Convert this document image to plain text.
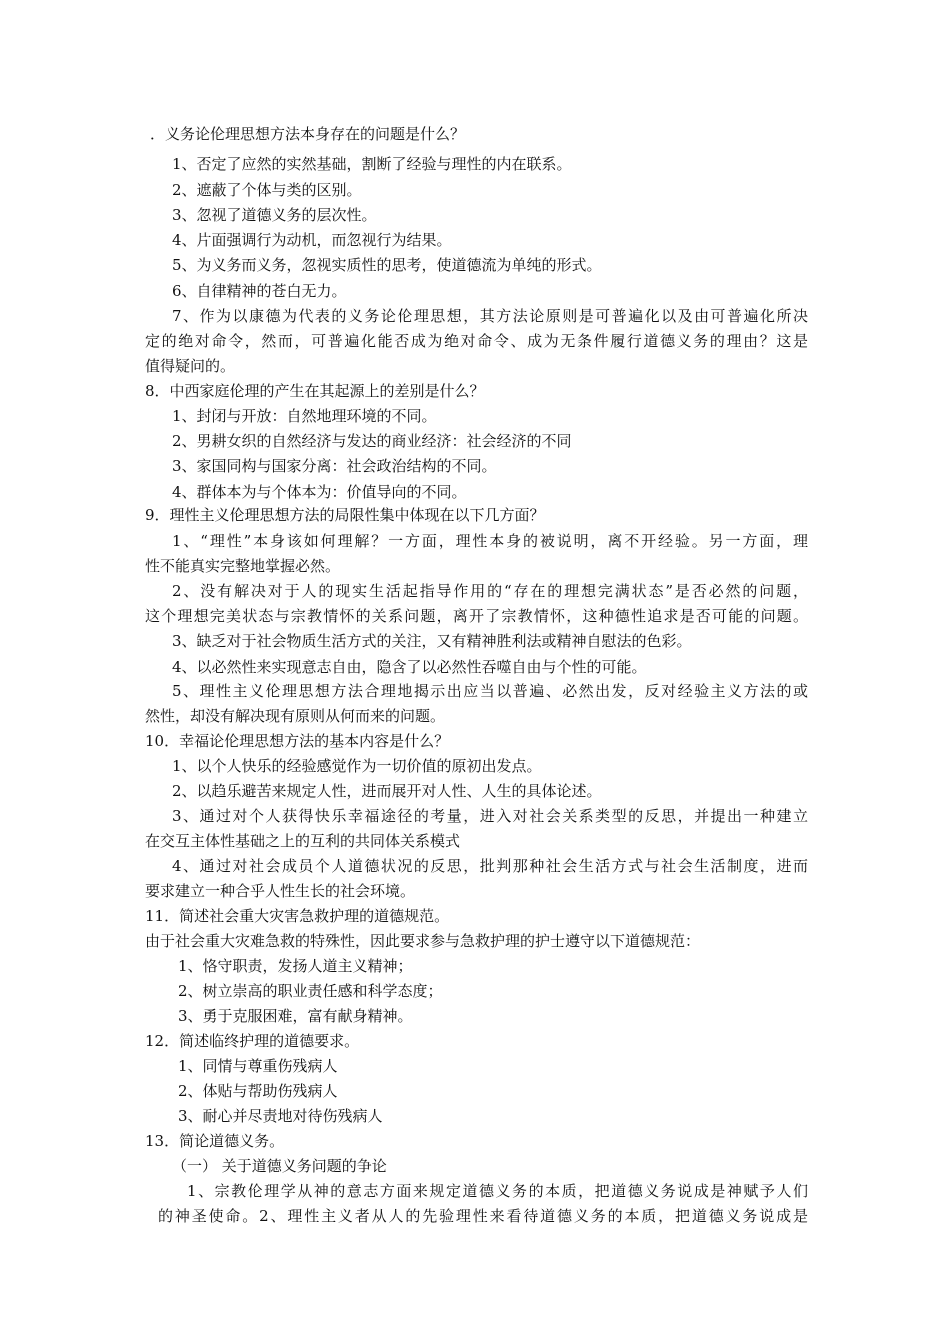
．义务论伦理思想方法本身存在的问题是什么？

1、否定了应然的实然基础，割断了经验与理性的内在联系。

2、遮蔽了个体与类的区别。

3、忽视了道德义务的层次性。

4、片面强调行为动机，而忽视行为结果。

5、为义务而义务，忽视实质性的思考，使道德流为单纯的形式。

6、自律精神的苍白无力。

7、作为以康德为代表的义务论伦理思想，其方法论原则是可普遍化以及由可普遍化所决

定的绝对命令，然而，可普遍化能否成为绝对命令、成为无条件履行道德义务的理由？这是

值得疑问的。

8．中西家庭伦理的产生在其起源上的差别是什么？

1、封闭与开放：自然地理环境的不同。

2、男耕女织的自然经济与发达的商业经济：社会经济的不同

3、家国同构与国家分离：社会政治结构的不同。

4、群体本为与个体本为：价值导向的不同。

9．理性主义伦理思想方法的局限性集中体现在以下几方面？

1、“理性”本身该如何理解？一方面，理性本身的被说明，离不开经验。另一方面，理

性不能真实完整地掌握必然。

2、没有解决对于人的现实生活起指导作用的“存在的理想完满状态”是否必然的问题，

这个理想完美状态与宗教情怀的关系问题，离开了宗教情怀，这种德性追求是否可能的问题。

3、缺乏对于社会物质生活方式的关注，又有精神胜利法或精神自慰法的色彩。

4、以必然性来实现意志自由，隐含了以必然性吞噬自由与个性的可能。

5、理性主义伦理思想方法合理地揭示出应当以普遍、必然出发，反对经验主义方法的或

然性，却没有解决现有原则从何而来的问题。

10．幸福论伦理思想方法的基本内容是什么？

1、以个人快乐的经验感觉作为一切价值的原初出发点。

2、以趋乐避苦来规定人性，进而展开对人性、人生的具体论述。

3、通过对个人获得快乐幸福途径的考量，进入对社会关系类型的反思，并提出一种建立

在交互主体性基础之上的互利的共同体关系模式

4、通过对社会成员个人道德状况的反思，批判那种社会生活方式与社会生活制度，进而

要求建立一种合乎人性生长的社会环境。

11．简述社会重大灾害急救护理的道德规范。

由于社会重大灾难急救的特殊性，因此要求参与急救护理的护士遵守以下道德规范：

1、恪守职责，发扬人道主义精神；

2、树立崇高的职业责任感和科学态度；

3、勇于克服困难，富有献身精神。

12．简述临终护理的道德要求。

1、同情与尊重伤残病人

2、体贴与帮助伤残病人

3、耐心并尽责地对待伤残病人

13．简论道德义务。

（一） 关于道德义务问题的争论

1、宗教伦理学从神的意志方面来规定道德义务的本质，把道德义务说成是神赋予人们

的神圣使命。2、理性主义者从人的先验理性来看待道德义务的本质，把道德义务说成是
